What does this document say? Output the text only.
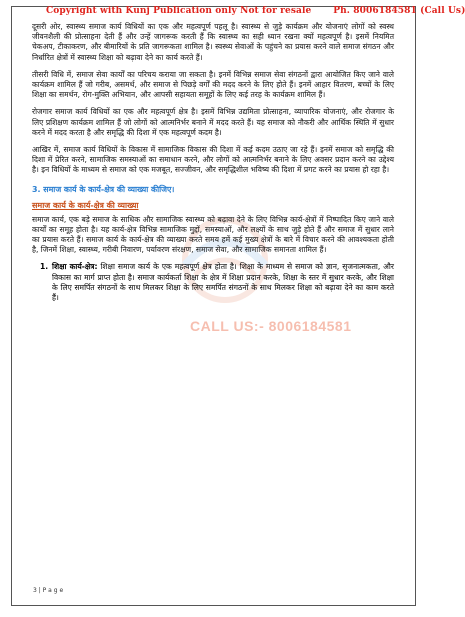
Copyright with Kunj Publication only Not for resale Ph. 8006184581 (Call Us)
CALL US:- 8006184581

दूसरी ओर, स्वास्थ्य समाज कार्य विधियों का एक और महत्वपूर्ण पहलू है। स्वास्थ्य से जुड़े कार्यक्रम और योजनाएं लोगों को स्वस्थ जीवनशैली की प्रोत्साहना देती हैं और उन्हें जागरूक करती हैं कि स्वास्थ्य का सही ध्यान रखना क्यों महत्वपूर्ण है। इसमें नियमित चेकअप, टीकाकरण, और बीमारियों के प्रति जागरूकता शामिल है। स्वस्थ्य सेवाओं के पहुंचने का प्रयास करने वाले समाज संगठन और निर्धारित क्षेत्रों में स्वास्थ्य शिक्षा को बढ़ावा देने का कार्य करते हैं।

तीसरी विधि में, समाज सेवा कार्यों का परिचय कराया जा सकता है। इनमें विभिन्न समाज सेवा संगठनों द्वारा आयोजित किए जाने वाले कार्यक्रम शामिल हैं जो गरीब, असमर्थ, और समाज से पिछड़े वर्गों की मदद करने के लिए होते हैं। इनमें आहार वितरण, बच्चों के लिए शिक्षा का समर्थन, रोग-मुक्ति अभियान, और आपसी सहायता समूहों के लिए कई तरह के कार्यक्रम शामिल हैं।

रोजगार समाज कार्य विधियों का एक और महत्वपूर्ण क्षेत्र है। इसमें विभिन्न उद्यमिता प्रोत्साहना, व्यापारिक योजनाएं, और रोजगार के लिए प्रशिक्षण कार्यक्रम शामिल हैं जो लोगों को आत्मनिर्भर बनाने में मदद करते हैं। यह समाज को नौकरी और आर्थिक स्थिति में सुधार करने में मदद करता है और समृद्धि की दिशा में एक महत्वपूर्ण कदम है।

आखिर में, समाज कार्य विधियों के विकास में सामाजिक विकास की दिशा में कई कदम उठाए जा रहे हैं। इनमें समाज को समृद्धि की दिशा में प्रेरित करने, सामाजिक समस्याओं का समाधान करने, और लोगों को आत्मनिर्भर बनाने के लिए अवसर प्रदान करने का उद्देश्य है। इन विधियों के माध्यम से समाज को एक मजबूत, सज्जीवन, और समृद्धिशील भविष्य की दिशा में प्रगट करने का प्रयास हो रहा है।

3. समाज कार्य के कार्य-क्षेत्र की व्याख्या कीजिए।
समाज कार्य के कार्य-क्षेत्र की व्याख्या

समाज कार्य, एक बड़े समाज के साधिक और सामाजिक स्वास्थ्य को बढ़ावा देने के लिए विभिन्न कार्य-क्षेत्रों में निष्पादित किए जाने वाले कार्यों का समूह होता है। यह कार्य-क्षेत्र विभिन्न सामाजिक मुद्दों, समस्याओं, और लक्ष्यों के साथ जुड़े होते हैं और समाज में सुधार लाने का प्रयास करते हैं। समाज कार्य के कार्य-क्षेत्र की व्याख्या करते समय हमें कई मुख्य क्षेत्रों के बारे में विचार करने की आवश्यकता होती है, जिनमें शिक्षा, स्वास्थ्य, गरीबी निवारण, पर्यावरण संरक्षण, समाज सेवा, और सामाजिक समानता शामिल हैं।

1. शिक्षा कार्य-क्षेत्र: शिक्षा समाज कार्य के एक महत्वपूर्ण क्षेत्र होता है। शिक्षा के माध्यम से समाज को ज्ञान, सृजनात्मकता, और विकास का मार्ग प्राप्त होता है। समाज कार्यकर्ता शिक्षा के क्षेत्र में शिक्षा प्रदान करके, शिक्षा के स्तर में सुधार करके, और शिक्षा के लिए समर्पित संगठनों के साथ मिलकर शिक्षा के लिए समर्पित संगठनों के साथ मिलकर शिक्षा को बढ़ावा देने का काम करते हैं।
3 | P a g e
